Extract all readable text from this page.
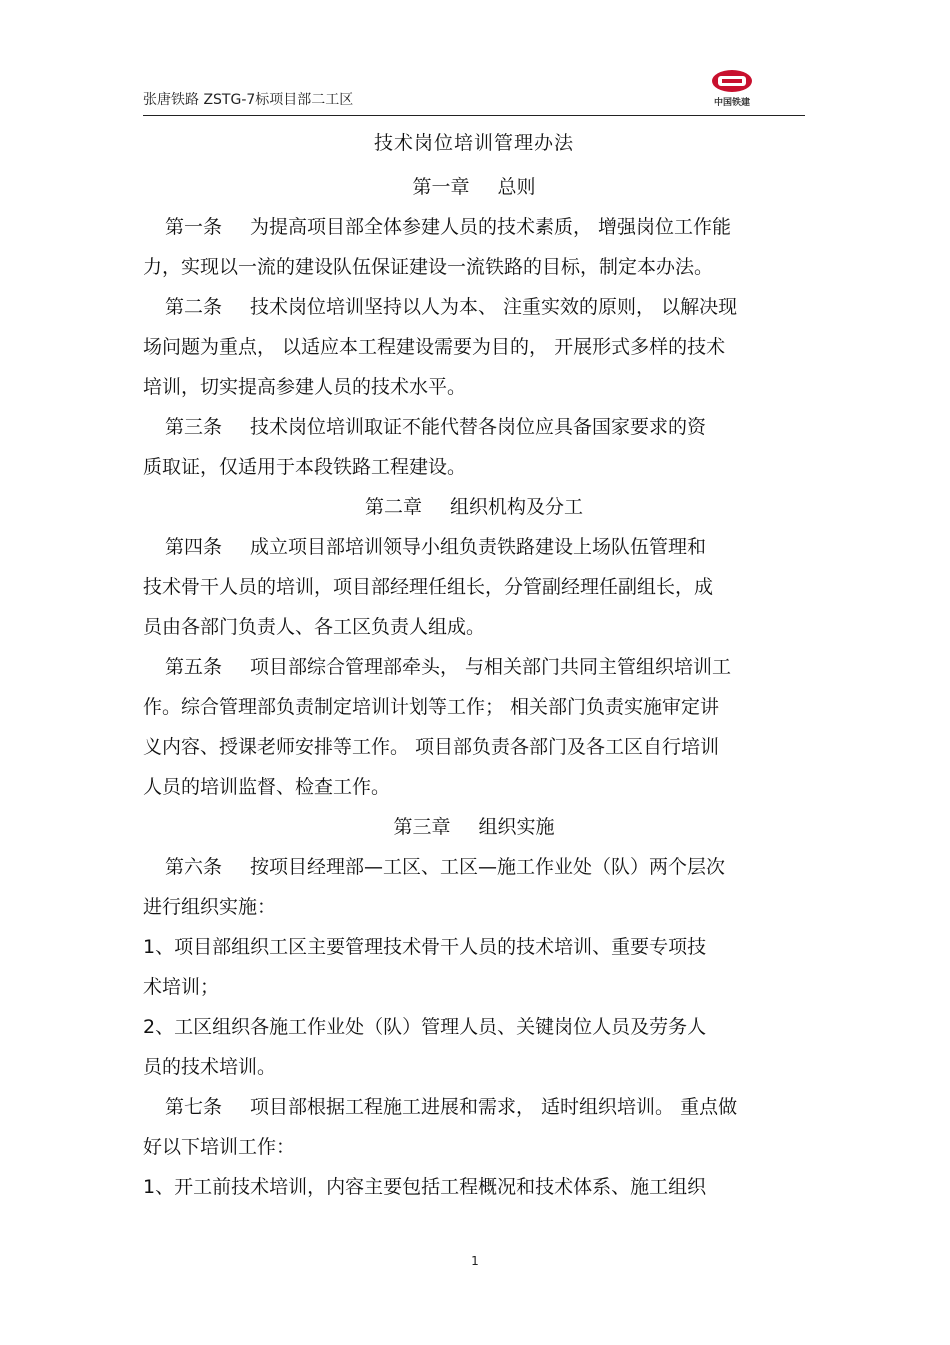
张唐铁路 ZSTG-7标项目部二工区	中国铁建
技术岗位培训管理办法
第一章 总则
第一条 为提高项目部全体参建人员的技术素质， 增强岗位工作能
力，实现以一流的建设队伍保证建设一流铁路的目标，制定本办法。
第二条 技术岗位培训坚持以人为本、 注重实效的原则， 以解决现
场问题为重点， 以适应本工程建设需要为目的， 开展形式多样的技术
培训，切实提高参建人员的技术水平。
第三条 技术岗位培训取证不能代替各岗位应具备国家要求的资
质取证，仅适用于本段铁路工程建设。
第二章 组织机构及分工
第四条 成立项目部培训领导小组负责铁路建设上场队伍管理和
技术骨干人员的培训，项目部经理任组长，分管副经理任副组长，成
员由各部门负责人、各工区负责人组成。
第五条 项目部综合管理部牵头， 与相关部门共同主管组织培训工
作。综合管理部负责制定培训计划等工作； 相关部门负责实施审定讲
义内容、授课老师安排等工作。 项目部负责各部门及各工区自行培训
人员的培训监督、检查工作。
第三章 组织实施
第六条 按项目经理部—工区、工区—施工作业处（队）两个层次
进行组织实施：
1、项目部组织工区主要管理技术骨干人员的技术培训、重要专项技
术培训；
2、工区组织各施工作业处（队）管理人员、关键岗位人员及劳务人
员的技术培训。
第七条 项目部根据工程施工进展和需求， 适时组织培训。 重点做
好以下培训工作：
1、开工前技术培训，内容主要包括工程概况和技术体系、施工组织
1
